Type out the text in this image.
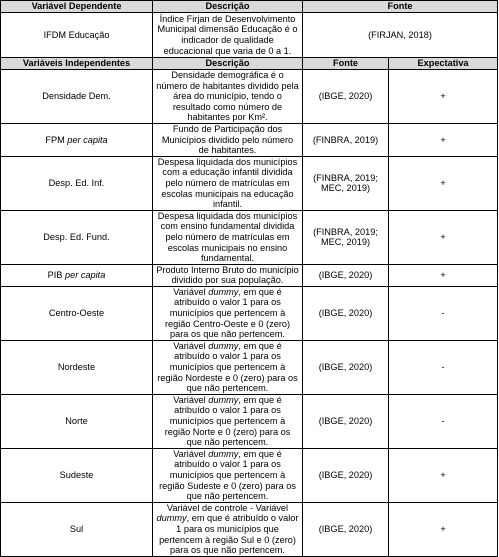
Variável Dependente	Descrição	Fonte	
IFDM Educação	Índice Firjan de Desenvolvimento Municipal dimensão Educação é o indicador de qualidade educacional que varia de 0 a 1.	(FIRJAN, 2018)	
Variáveis Independentes	Descrição	Fonte	Expectativa
Densidade Dem.	Densidade demográfica é o número de habitantes dividido pela área do município, tendo o resultado como número de habitantes por Km².	(IBGE, 2020)	+
FPM per capita	Fundo de Participação dos Municípios dividido pelo número de habitantes.	(FINBRA, 2019)	+
Desp. Ed. Inf.	Despesa liquidada dos municípios com a educação infantil dividida pelo número de matrículas em escolas municipais na educação infantil.	(FINBRA, 2019; MEC, 2019)	+
Desp. Ed. Fund.	Despesa liquidada dos municípios com ensino fundamental dividida pelo número de matrículas em escolas municipais no ensino fundamental.	(FINBRA, 2019; MEC, 2019)	+
PIB per capita	Produto Interno Bruto do município dividido por sua população.	(IBGE, 2020)	+
Centro-Oeste	Variável dummy, em que é atribuído o valor 1 para os municípios que pertencem à região Centro-Oeste e 0 (zero) para os que não pertencem.	(IBGE, 2020)	-
Nordeste	Variável dummy, em que é atribuído o valor 1 para os municípios que pertencem à região Nordeste e 0 (zero) para os que não pertencem.	(IBGE, 2020)	-
Norte	Variável dummy, em que é atribuído o valor 1 para os municípios que pertencem à região Norte e 0 (zero) para os que não pertencem.	(IBGE, 2020)	-
Sudeste	Variável dummy, em que é atribuído o valor 1 para os municípios que pertencem à região Sudeste e 0 (zero) para os que não pertencem.	(IBGE, 2020)	+
Sul	Variável de controle - Variável dummy, em que é atribuído o valor 1 para os municípios que pertencem à região Sul e 0 (zero) para os que não pertencem.	(IBGE, 2020)	+
